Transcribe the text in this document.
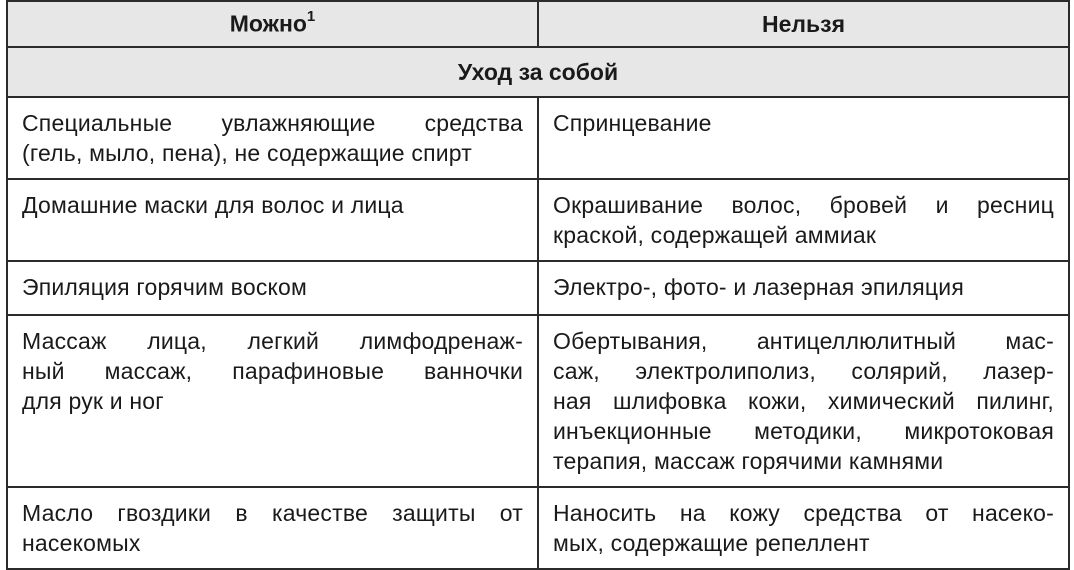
Можно$^1$	Нельзя
Уход за собой	

Специальные увлажняющие средства
(гель, мыло, пена), не содержащие спирт	Спринцевание

Домашние маски для волос и лица	Окрашивание волос, бровей и ресниц
краской, содержащей аммиак

Эпиляция горячим воском	Электро-, фото- и лазерная эпиляция

Массаж лица, легкий лимфодренаж-
ный массаж, парафиновые ванночки
для рук и ног	Обертывания, антицеллюлитный мас-
саж, электролиполиз, солярий, лазер-
ная шлифовка кожи, химический пилинг,
инъекционные методики, микротоковая
терапия, массаж горячими камнями

Масло гвоздики в качестве защиты от
насекомых	Наносить на кожу средства от насеко-
мых, содержащие репеллент
